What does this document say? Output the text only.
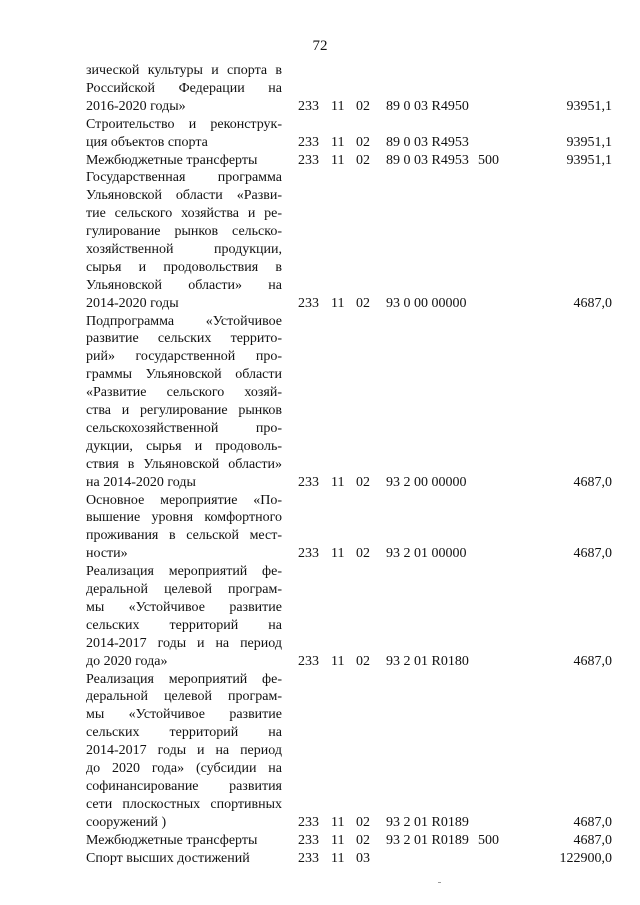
72
зической культуры и спорта в
Российской Федерации на
2016-2020 годы»	233 11 02 89 0 03 R4950	93951,1
Строительство и реконструк-
ция объектов спорта	233 11 02 89 0 03 R4953	93951,1
Межбюджетные трансферты	233 11 02 89 0 03 R4953 500	93951,1
Государственная программа
Ульяновской области «Разви-
тие сельского хозяйства и ре-
гулирование рынков сельско-
хозяйственной продукции,
сырья и продовольствия в
Ульяновской области» на
2014-2020 годы	233 11 02 93 0 00 00000	4687,0
Подпрограмма «Устойчивое
развитие сельских террито-
рий» государственной про-
граммы Ульяновской области
«Развитие сельского хозяй-
ства и регулирование рынков
сельскохозяйственной про-
дукции, сырья и продоволь-
ствия в Ульяновской области»
на 2014-2020 годы	233 11 02 93 2 00 00000	4687,0
Основное мероприятие «По-
вышение уровня комфортного
проживания в сельской мест-
ности»	233 11 02 93 2 01 00000	4687,0
Реализация мероприятий фе-
деральной целевой програм-
мы «Устойчивое развитие
сельских территорий на
2014-2017 годы и на период
до 2020 года»	233 11 02 93 2 01 R0180	4687,0
Реализация мероприятий фе-
деральной целевой програм-
мы «Устойчивое развитие
сельских территорий на
2014-2017 годы и на период
до 2020 года» (субсидии на
софинансирование развития
сети плоскостных спортивных
сооружений )	233 11 02 93 2 01 R0189	4687,0
Межбюджетные трансферты	233 11 02 93 2 01 R0189 500	4687,0
Спорт высших достижений	233 11 03	122900,0
